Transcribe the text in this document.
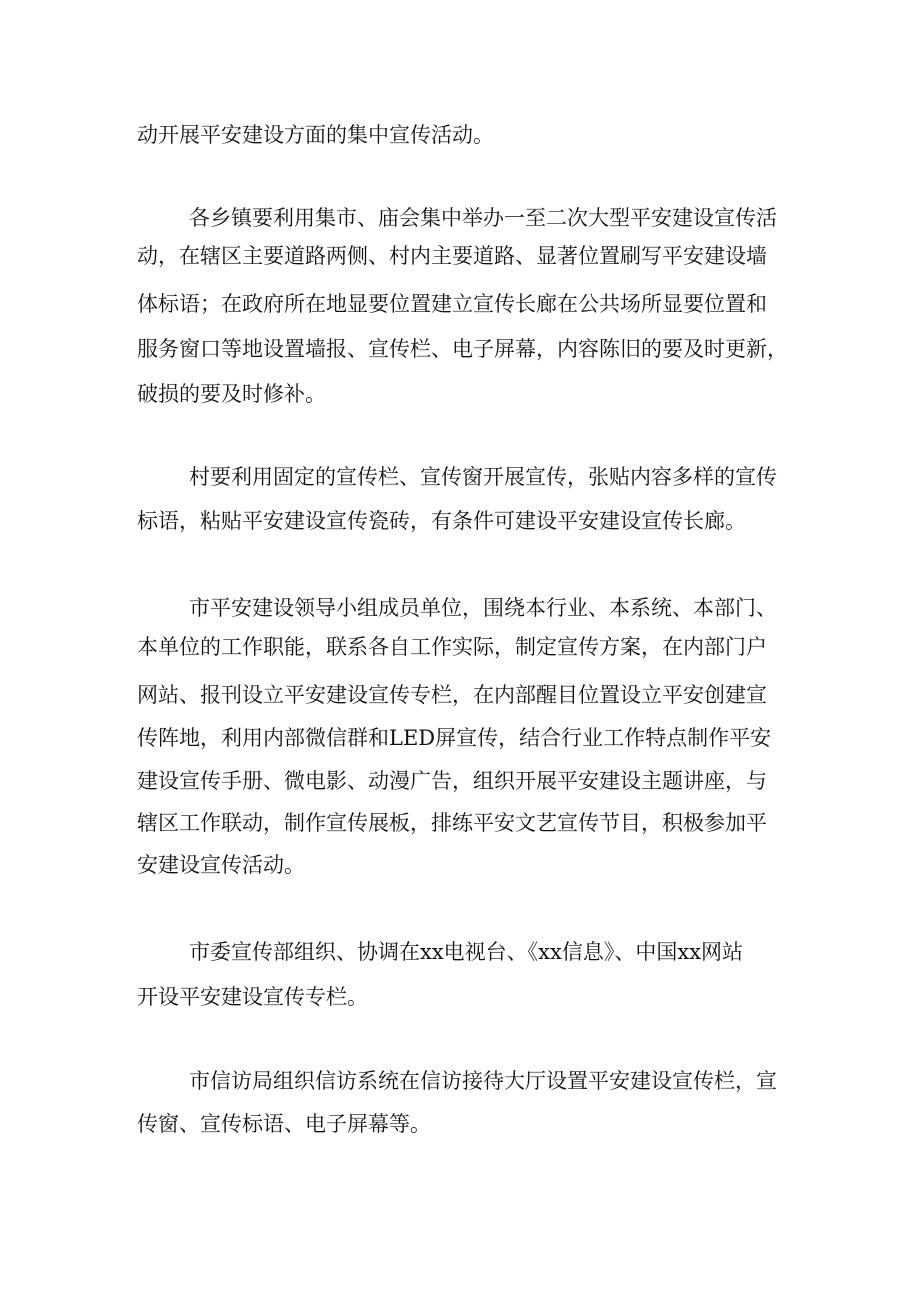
动开展平安建设方面的集中宣传活动。

各乡镇要利用集市、庙会集中举办一至二次大型平安建设宣传活

动，在辖区主要道路两侧、村内主要道路、显著位置刷写平安建设墙

体标语；在政府所在地显要位置建立宣传长廊在公共场所显要位置和

服务窗口等地设置墙报、宣传栏、电子屏幕，内容陈旧的要及时更新，

破损的要及时修补。

村要利用固定的宣传栏、宣传窗开展宣传，张贴内容多样的宣传

标语，粘贴平安建设宣传瓷砖，有条件可建设平安建设宣传长廊。

市平安建设领导小组成员单位，围绕本行业、本系统、本部门、

本单位的工作职能，联系各自工作实际，制定宣传方案，在内部门户

网站、报刊设立平安建设宣传专栏，在内部醒目位置设立平安创建宣

传阵地，利用内部微信群和LED屏宣传，结合行业工作特点制作平安

建设宣传手册、微电影、动漫广告，组织开展平安建设主题讲座，与

辖区工作联动，制作宣传展板，排练平安文艺宣传节目，积极参加平

安建设宣传活动。

市委宣传部组织、协调在xx电视台、《xx信息》、中国xx网站

开设平安建设宣传专栏。

市信访局组织信访系统在信访接待大厅设置平安建设宣传栏，宣

传窗、宣传标语、电子屏幕等。
